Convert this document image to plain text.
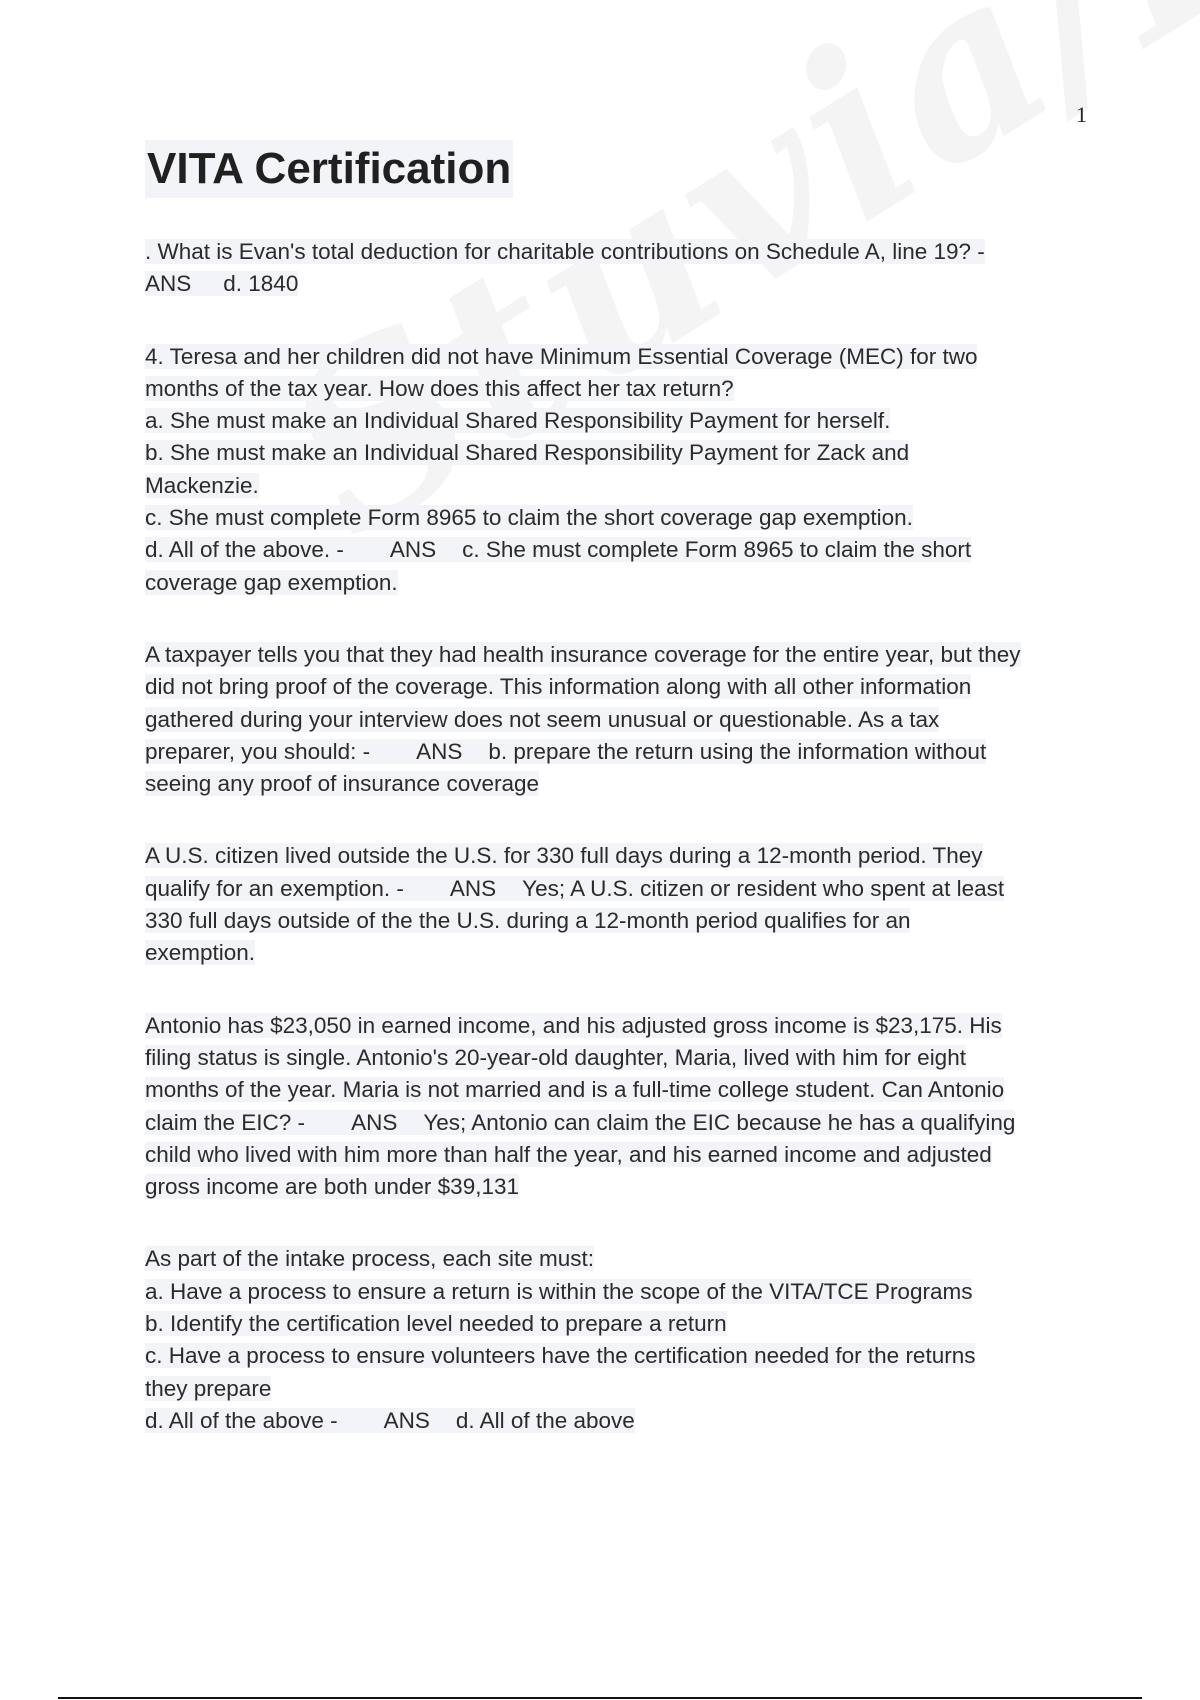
1
VITA Certification
. What is Evan's total deduction for charitable contributions on Schedule A, line 19? -
ANS d. 1840
4. Teresa and her children did not have Minimum Essential Coverage (MEC) for two
months of the tax year. How does this affect her tax return?
a. She must make an Individual Shared Responsibility Payment for herself.
b. She must make an Individual Shared Responsibility Payment for Zack and
Mackenzie.
c. She must complete Form 8965 to claim the short coverage gap exemption.
d. All of the above. - ANS c. She must complete Form 8965 to claim the short
coverage gap exemption.
A taxpayer tells you that they had health insurance coverage for the entire year, but they
did not bring proof of the coverage. This information along with all other information
gathered during your interview does not seem unusual or questionable. As a tax
preparer, you should: - ANS b. prepare the return using the information without
seeing any proof of insurance coverage
A U.S. citizen lived outside the U.S. for 330 full days during a 12-month period. They
qualify for an exemption. - ANS Yes; A U.S. citizen or resident who spent at least
330 full days outside of the the U.S. during a 12-month period qualifies for an
exemption.
Antonio has $23,050 in earned income, and his adjusted gross income is $23,175. His
filing status is single. Antonio's 20-year-old daughter, Maria, lived with him for eight
months of the year. Maria is not married and is a full-time college student. Can Antonio
claim the EIC? - ANS Yes; Antonio can claim the EIC because he has a qualifying
child who lived with him more than half the year, and his earned income and adjusted
gross income are both under $39,131
As part of the intake process, each site must:
a. Have a process to ensure a return is within the scope of the VITA/TCE Programs
b. Identify the certification level needed to prepare a return
c. Have a process to ensure volunteers have the certification needed for the returns
they prepare
d. All of the above - ANS d. All of the above
